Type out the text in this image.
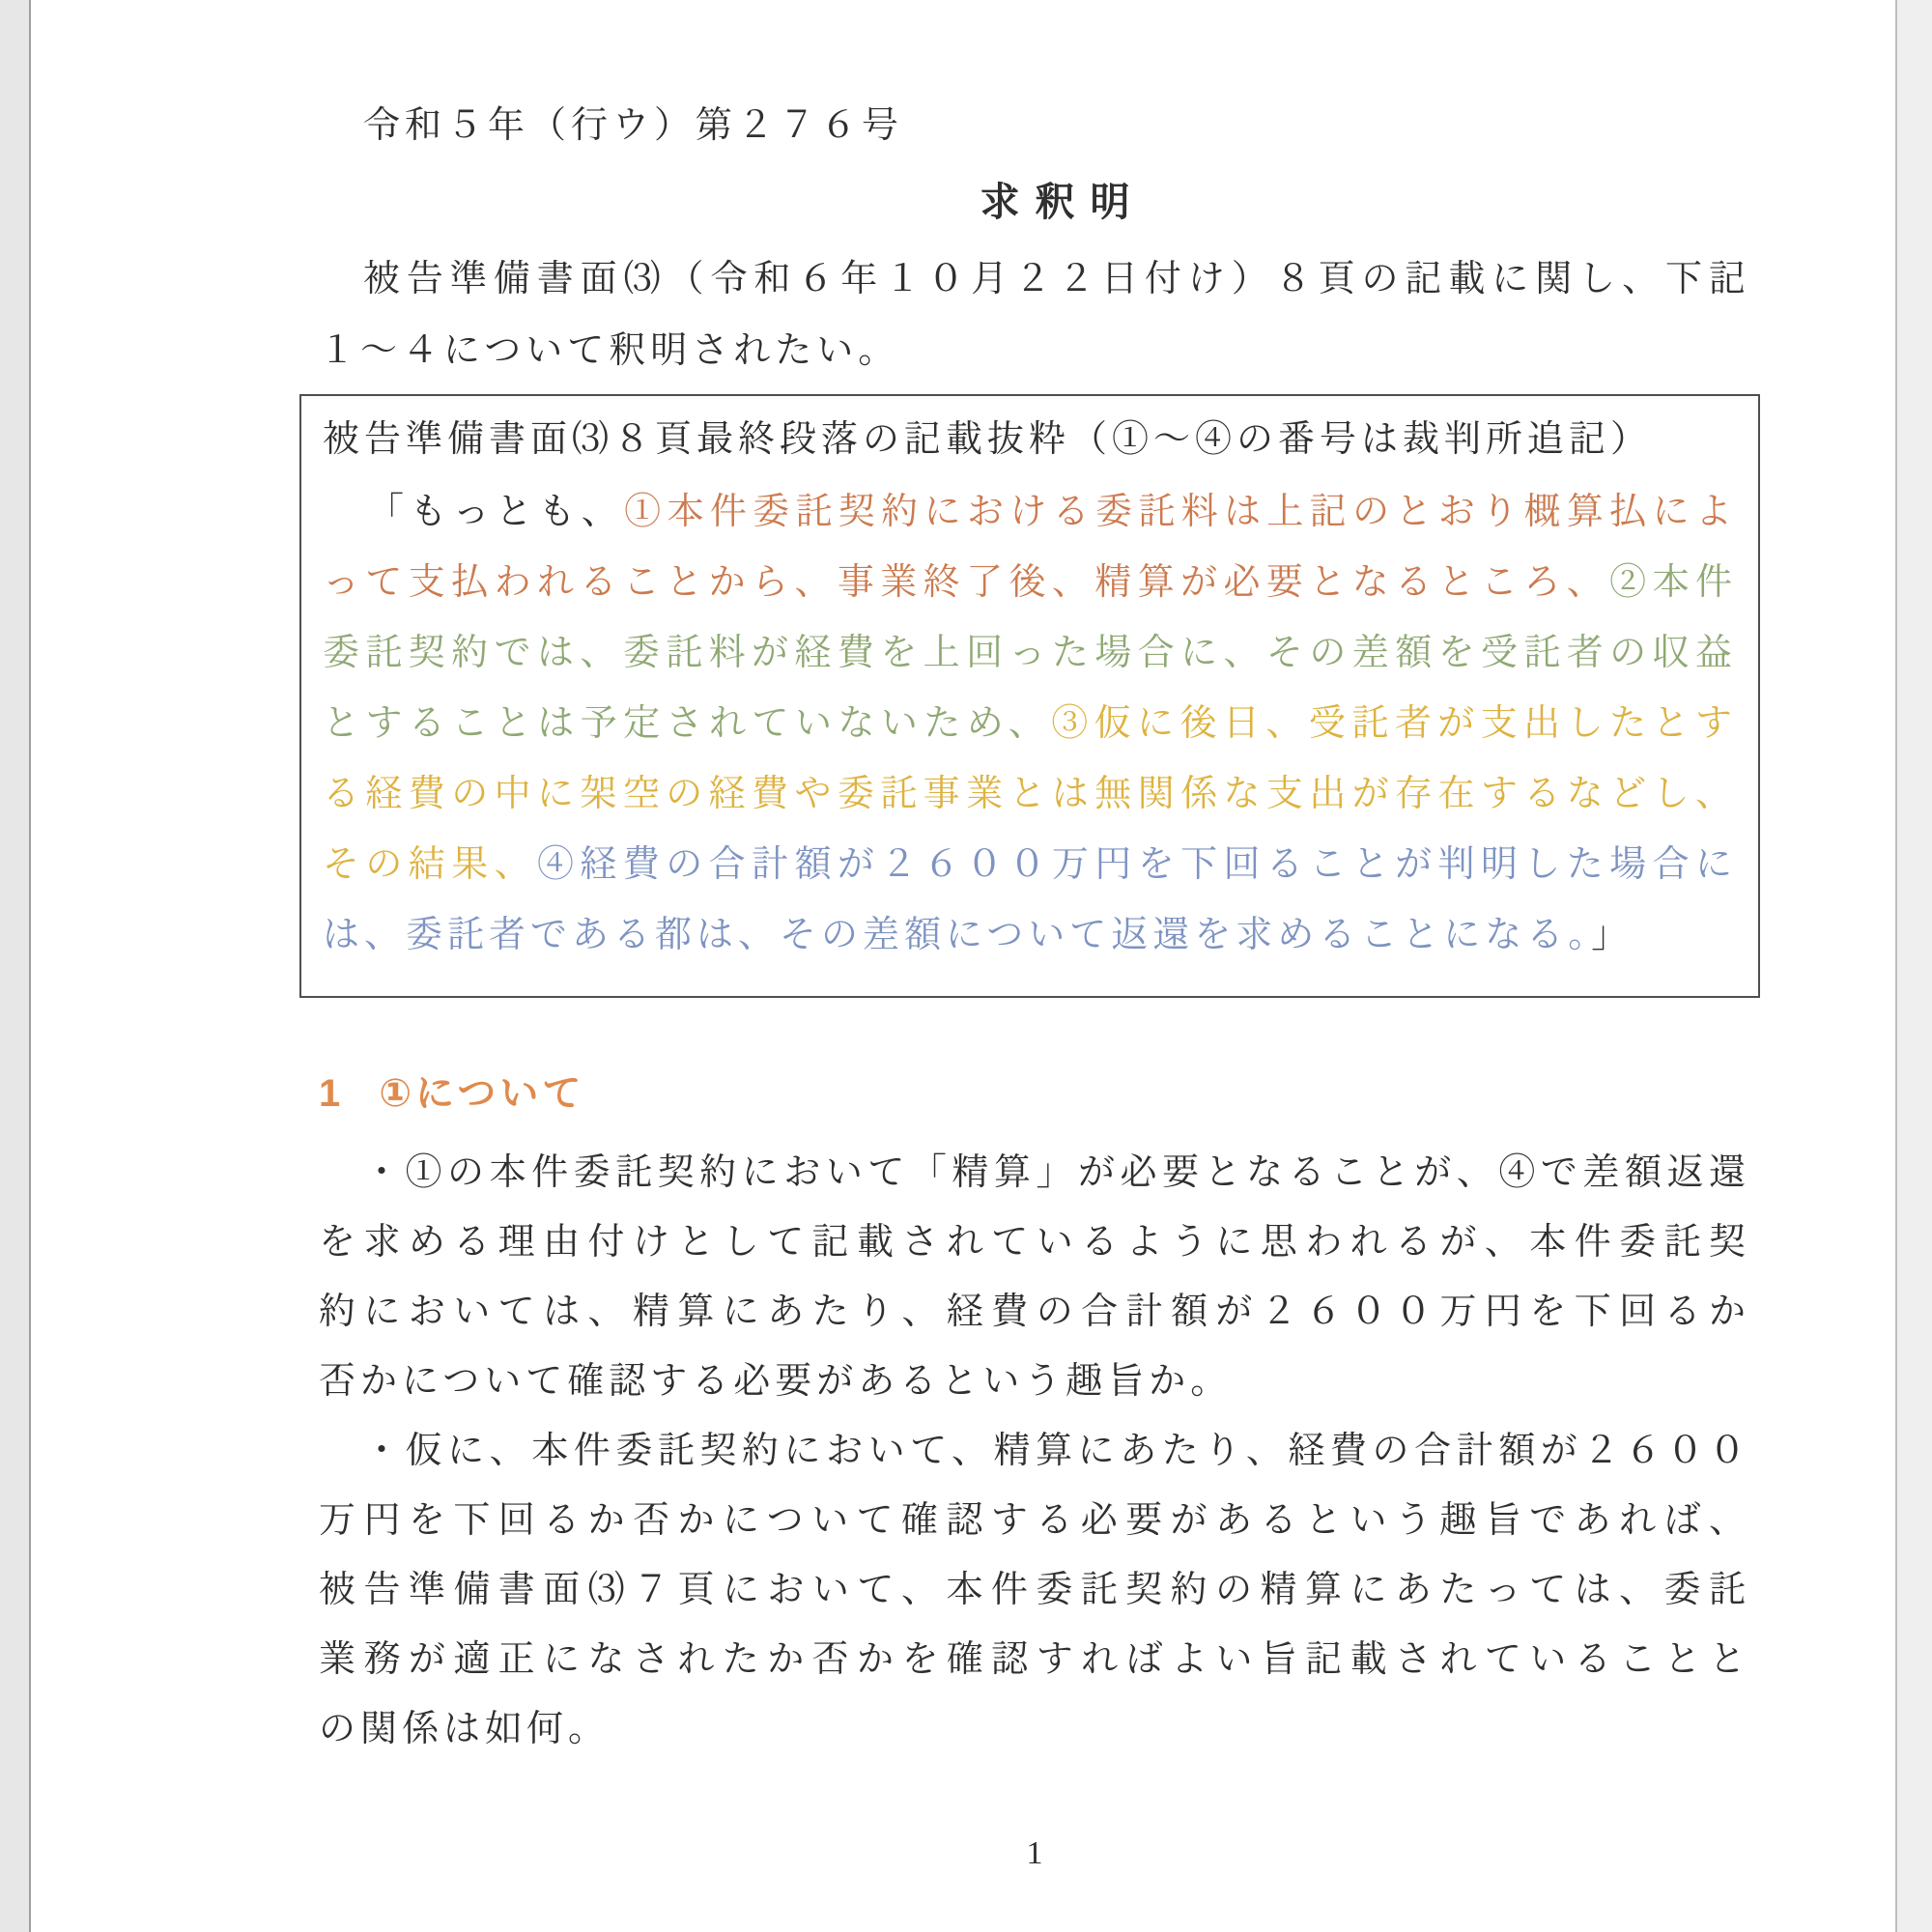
令和５年（行ウ）第２７６号
求釈明
被告準備書面⑶（令和６年１０月２２日付け）８頁の記載に関し、下記
１～４について釈明されたい。
被告準備書面⑶８頁最終段落の記載抜粋（①～④の番号は裁判所追記）
「もっとも、①本件委託契約における委託料は上記のとおり概算払によ
って支払われることから、事業終了後、精算が必要となるところ、②本件
委託契約では、委託料が経費を上回った場合に、その差額を受託者の収益
とすることは予定されていないため、③仮に後日、受託者が支出したとす
る経費の中に架空の経費や委託事業とは無関係な支出が存在するなどし、
その結果、④経費の合計額が２６００万円を下回ることが判明した場合に
は、委託者である都は、その差額について返還を求めることになる。」
1 ①について
・①の本件委託契約において「精算」が必要となることが、④で差額返還
を求める理由付けとして記載されているように思われるが、本件委託契
約においては、精算にあたり、経費の合計額が２６００万円を下回るか
否かについて確認する必要があるという趣旨か。
・仮に、本件委託契約において、精算にあたり、経費の合計額が２６００
万円を下回るか否かについて確認する必要があるという趣旨であれば、
被告準備書面⑶７頁において、本件委託契約の精算にあたっては、委託
業務が適正になされたか否かを確認すればよい旨記載されていることと
の関係は如何。
1
